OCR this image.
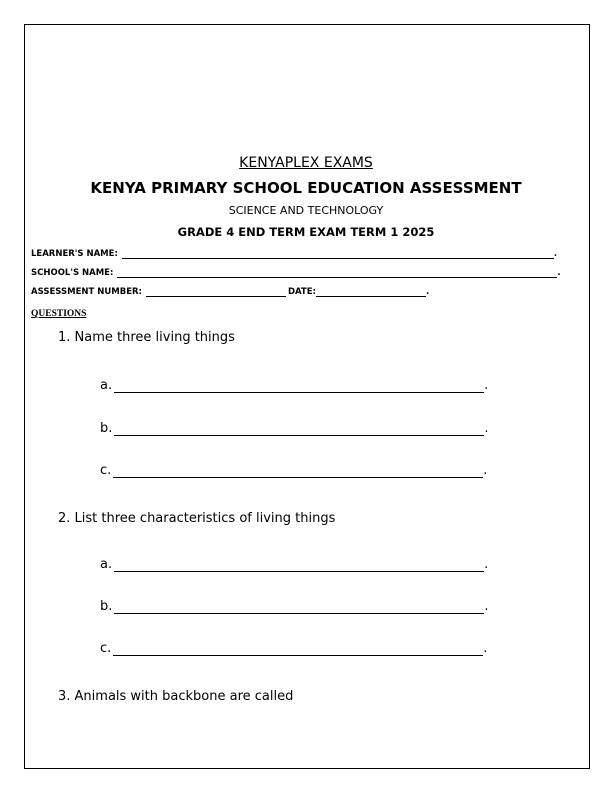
KENYAPLEX EXAMS
KENYA PRIMARY SCHOOL EDUCATION ASSESSMENT
SCIENCE AND TECHNOLOGY
GRADE 4 END TERM EXAM TERM 1 2025
LEARNER'S NAME:	.
SCHOOL'S NAME:	.
ASSESSMENT NUMBER:	DATE:	.
QUESTIONS
1. Name three living things
a.	.
b.	.
c.	.
2. List three characteristics of living things
a.	.
b.	.
c.	.
3. Animals with backbone are called
